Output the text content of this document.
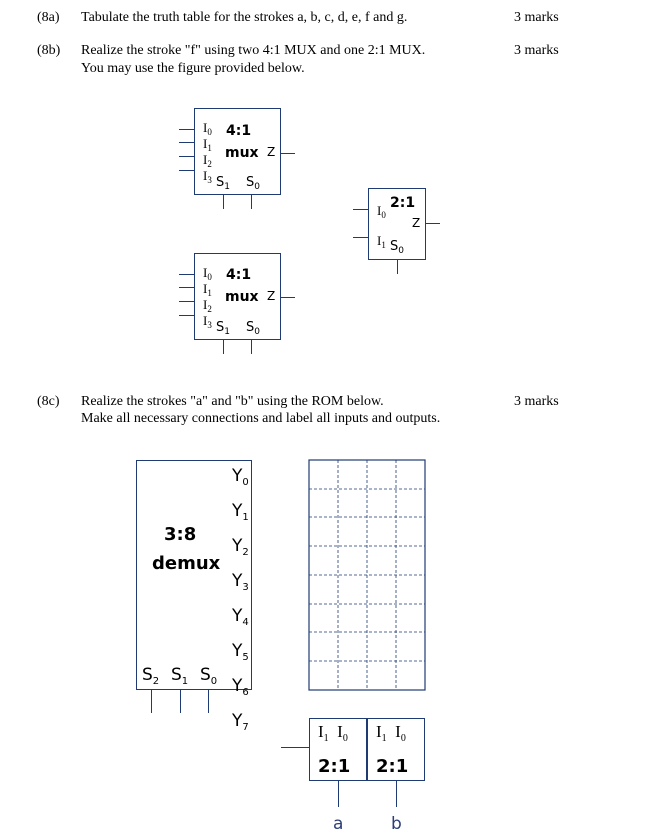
(8a) Tabulate the truth table for the strokes a, b, c, d, e, f and g.	3 marks
(8b) Realize the stroke "f" using two 4:1 MUX and one 2:1 MUX.
You may use the figure provided below.
3 marks
$I_0$
$I_1$
$I_2$
$I_3$
4:1
mux Z
$S_1$ $S_0$
$I_0$
$I_1$
$I_2$
$I_3$
4:1
mux Z
$S_1$ $S_0$
$I_0$
$I_1$
2:1
Z
$S_0$
(8c) Realize the strokes "a" and "b" using the ROM below.
Make all necessary connections and label all inputs and outputs.
3 marks
3:8
demux
$Y_0$
$Y_1$
$Y_2$
$Y_3$
$Y_4$
$Y_5$
$Y_6$
$Y_7$
$S_2$ $S_1$ $S_0$
$I_1$  $I_0$ $I_1$  $I_0$
2:1 2:1
a	b
